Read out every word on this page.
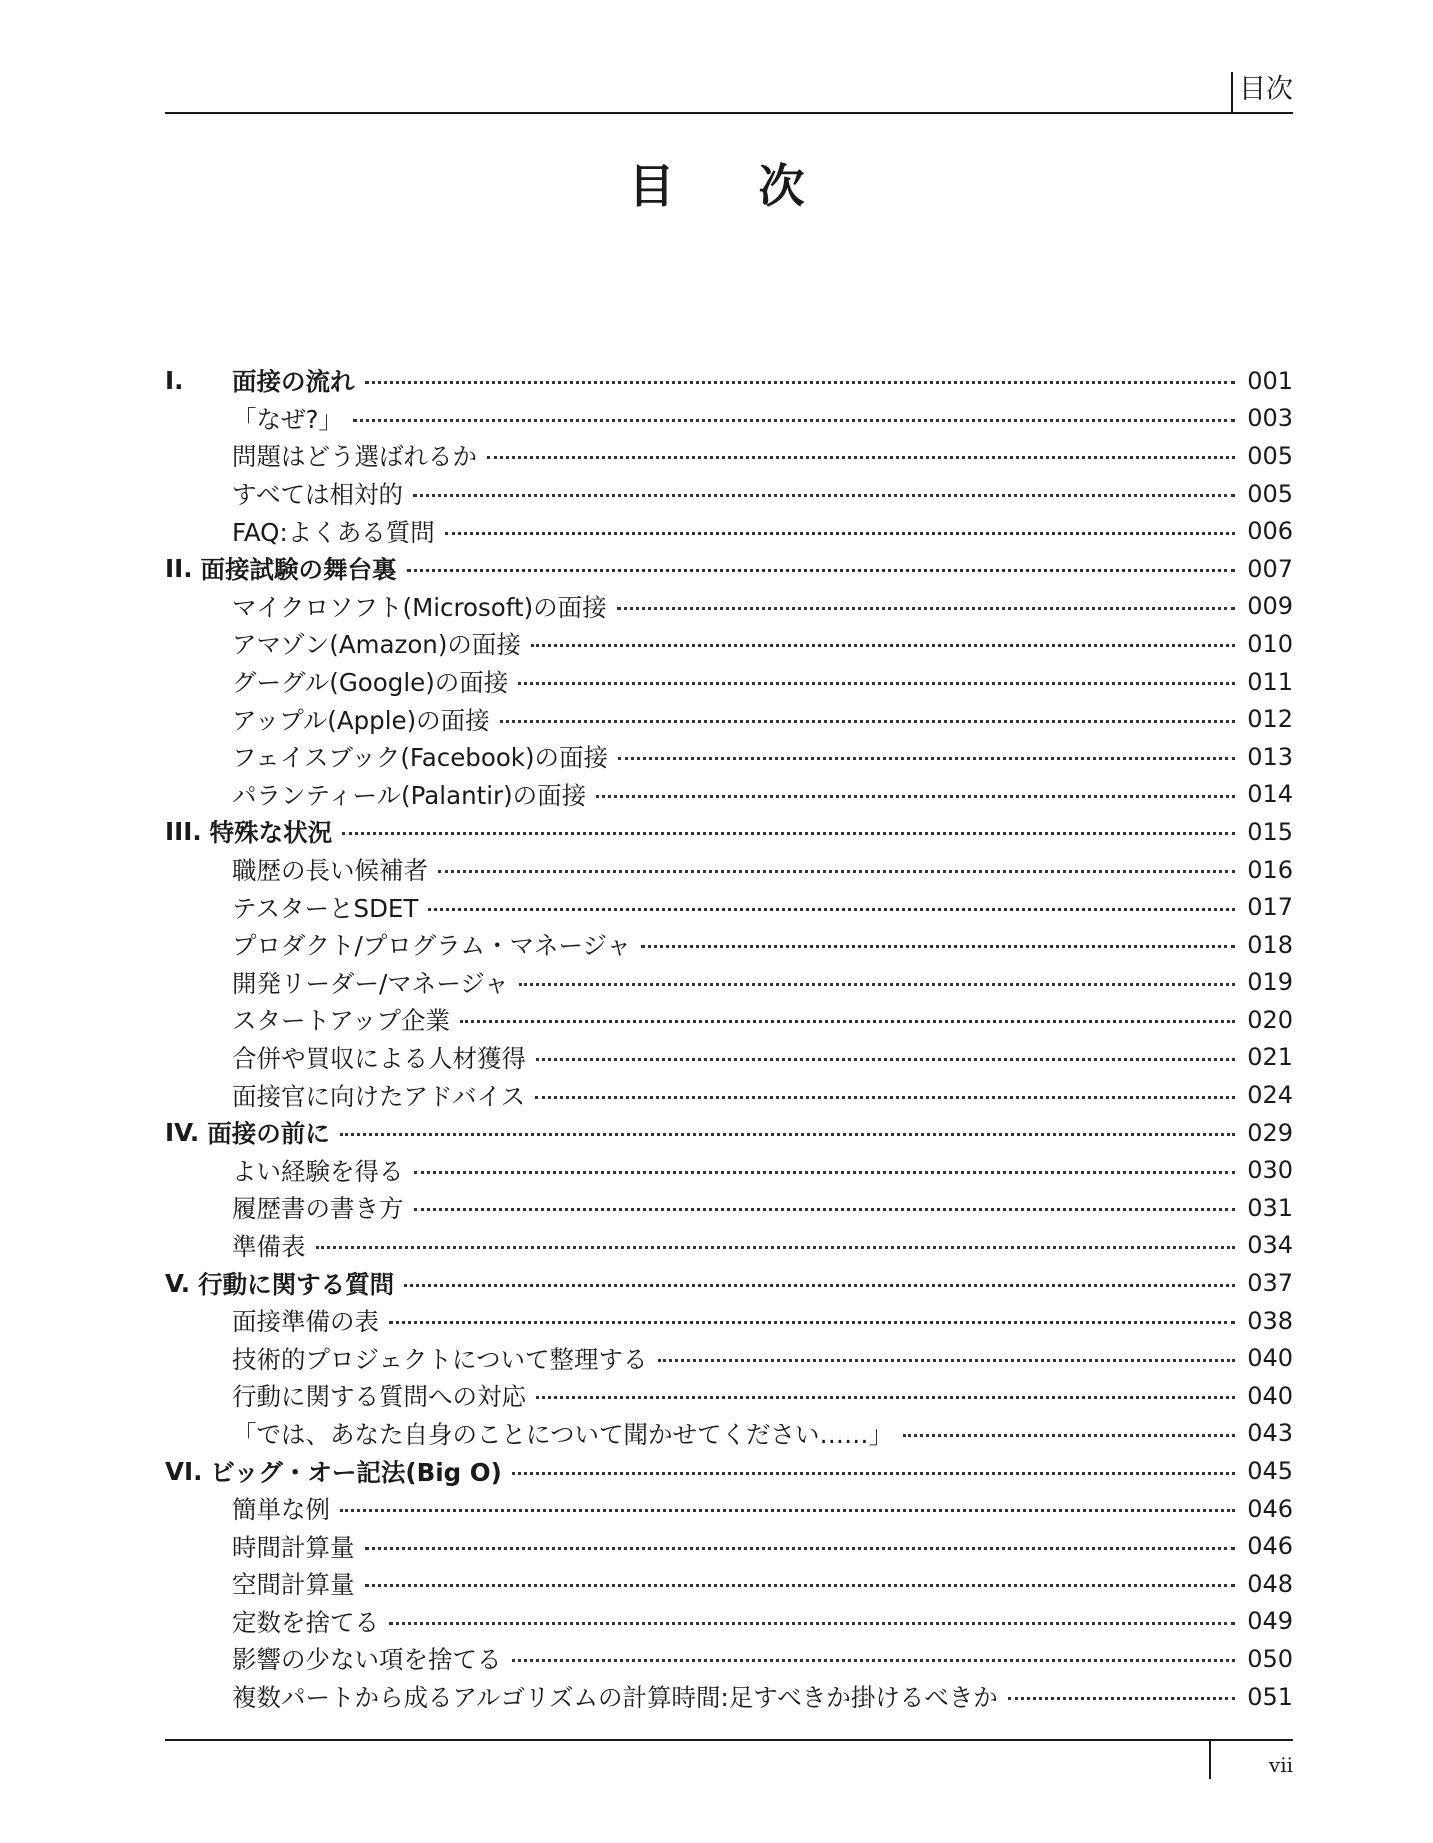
目次
目 次
I.	面接の流れ	001
「なぜ?」	003
問題はどう選ばれるか	005
すべては相対的	005
FAQ:よくある質問	006
II. 面接試験の舞台裏	007
マイクロソフト(Microsoft)の面接	009
アマゾン(Amazon)の面接	010
グーグル(Google)の面接	011
アップル(Apple)の面接	012
フェイスブック(Facebook)の面接	013
パランティール(Palantir)の面接	014
III. 特殊な状況	015
職歴の長い候補者	016
テスターとSDET	017
プロダクト/プログラム・マネージャ	018
開発リーダー/マネージャ	019
スタートアップ企業	020
合併や買収による人材獲得	021
面接官に向けたアドバイス	024
IV. 面接の前に	029
よい経験を得る	030
履歴書の書き方	031
準備表	034
V. 行動に関する質問	037
面接準備の表	038
技術的プロジェクトについて整理する	040
行動に関する質問への対応	040
「では、あなた自身のことについて聞かせてください……」	043
VI. ビッグ・オー記法(Big O)	045
簡単な例	046
時間計算量	046
空間計算量	048
定数を捨てる	049
影響の少ない項を捨てる	050
複数パートから成るアルゴリズムの計算時間:足すべきか掛けるべきか	051
vii
